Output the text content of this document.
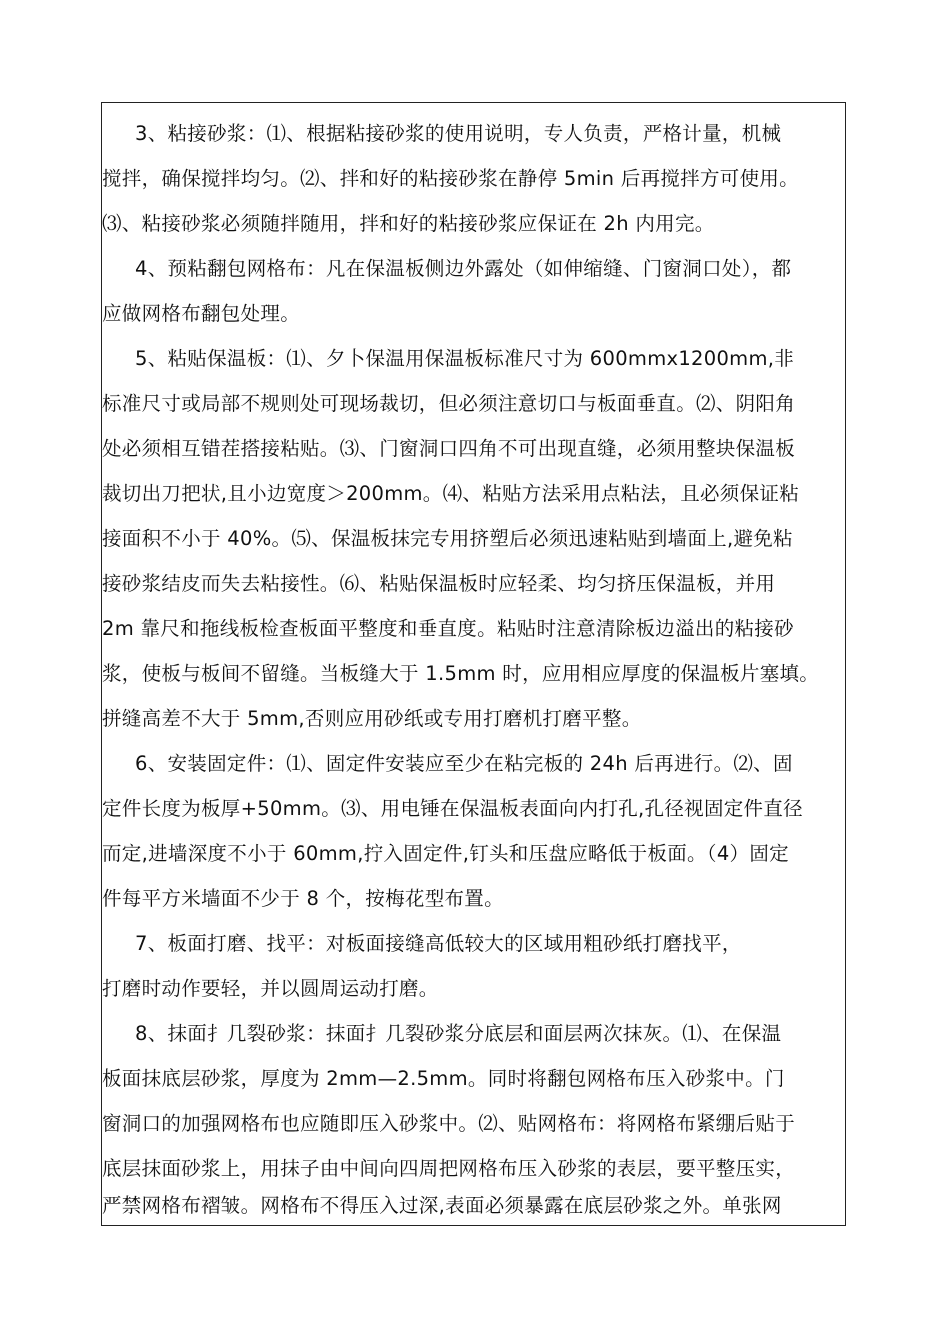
3、粘接砂浆：⑴、根据粘接砂浆的使用说明，专人负责，严格计量，机械
搅拌，确保搅拌均匀。⑵、拌和好的粘接砂浆在静停 5min 后再搅拌方可使用。
⑶、粘接砂浆必须随拌随用，拌和好的粘接砂浆应保证在 2h 内用完。
4、预粘翻包网格布：凡在保温板侧边外露处（如伸缩缝、门窗洞口处），都
应做网格布翻包处理。
5、粘贴保温板：⑴、夕卜保温用保温板标准尺寸为 600mmx1200mm,非
标准尺寸或局部不规则处可现场裁切，但必须注意切口与板面垂直。⑵、阴阳角
处必须相互错茬搭接粘贴。⑶、门窗洞口四角不可出现直缝，必须用整块保温板
裁切出刀把状,且小边宽度＞200mm。⑷、粘贴方法采用点粘法，且必须保证粘
接面积不小于 40%。⑸、保温板抹完专用挤塑后必须迅速粘贴到墙面上,避免粘
接砂浆结皮而失去粘接性。⑹、粘贴保温板时应轻柔、均匀挤压保温板，并用
2m 靠尺和拖线板检查板面平整度和垂直度。粘贴时注意清除板边溢出的粘接砂
浆，使板与板间不留缝。当板缝大于 1.5mm 时，应用相应厚度的保温板片塞填。
拼缝高差不大于 5mm,否则应用砂纸或专用打磨机打磨平整。
6、安装固定件：⑴、固定件安装应至少在粘完板的 24h 后再进行。⑵、固
定件长度为板厚+50mm。⑶、用电锤在保温板表面向内打孔,孔径视固定件直径
而定,进墙深度不小于 60mm,拧入固定件,钉头和压盘应略低于板面。（4）固定
件每平方米墙面不少于 8 个，按梅花型布置。
7、板面打磨、找平：对板面接缝高低较大的区域用粗砂纸打磨找平，
打磨时动作要轻，并以圆周运动打磨。
8、抹面扌几裂砂浆：抹面扌几裂砂浆分底层和面层两次抹灰。⑴、在保温
板面抹底层砂浆，厚度为 2mm—2.5mm。同时将翻包网格布压入砂浆中。门
窗洞口的加强网格布也应随即压入砂浆中。⑵、贴网格布：将网格布紧绷后贴于
底层抹面砂浆上，用抹子由中间向四周把网格布压入砂浆的表层，要平整压实，
严禁网格布褶皱。网格布不得压入过深,表面必须暴露在底层砂浆之外。单张网
